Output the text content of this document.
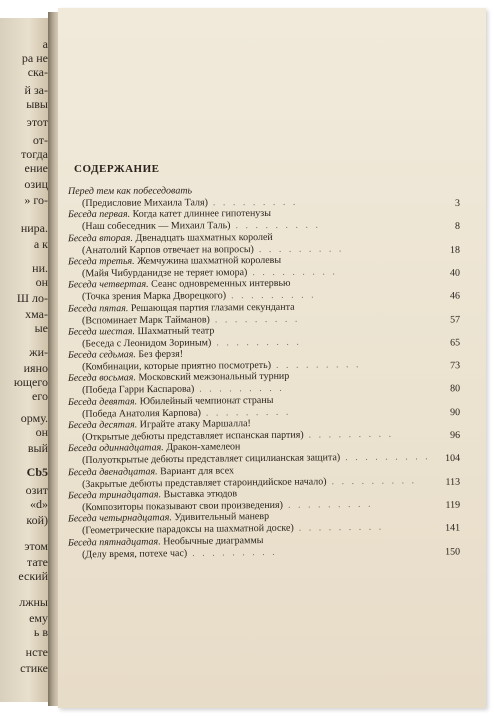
а
ра не
ска-
й за-
ывы
этот
от-
тогда
ение
озиц
» го-
нира.
а к
ни.
он
Ш ло-
хма-
ые
жи-
ияно
ющего
его
орму.
он
вый
Cb5
озит
«d»
кой)
этом
тате
еский
лжны
ему
ь в
нсте
стике
СОДЕРЖАНИЕ
Перед тем как побеседовать
(Предисловие Михаила Таля) . . . . . . . . .	3
Беседа первая. Когда катет длиннее гипотенузы
(Наш собеседник — Михаил Таль) . . . . . . . . .	8
Беседа вторая. Двенадцать шахматных королей
(Анатолий Карпов отвечает на вопросы) . . . . . . . . .	18
Беседа третья. Жемчужина шахматной королевы
(Майя Чибурданидзе не теряет юмора) . . . . . . . . .	40
Беседа четвертая. Сеанс одновременных интервью
(Точка зрения Марка Дворецкого) . . . . . . . . .	46
Беседа пятая. Решающая партия глазами секунданта
(Вспоминает Марк Тайманов) . . . . . . . . .	57
Беседа шестая. Шахматный театр
(Беседа с Леонидом Зориным) . . . . . . . . .	65
Беседа седьмая. Без ферзя!
(Комбинации, которые приятно посмотреть) . . . . . . . . .	73
Беседа восьмая. Московский межзональный турнир
(Победа Гарри Каспарова) . . . . . . . . .	80
Беседа девятая. Юбилейный чемпионат страны
(Победа Анатолия Карпова) . . . . . . . . .	90
Беседа десятая. Играйте атаку Маршалла!
(Открытые дебюты представляет испанская партия) . . . . . . . . .	96
Беседа одиннадцатая. Дракон-хамелеон
(Полуоткрытые дебюты представляет сицилианская защита) . . . . . . . . .	104
Беседа двенадцатая. Вариант для всех
(Закрытые дебюты представляет староиндийское начало) . . . . . . . . .	113
Беседа тринадцатая. Выставка этюдов
(Композиторы показывают свои произведения) . . . . . . . . .	119
Беседа четырнадцатая. Удивительный маневр
(Геометрические парадоксы на шахматной доске) . . . . . . . . .	141
Беседа пятнадцатая. Необычные диаграммы
(Делу время, потехе час) . . . . . . . . .	150
